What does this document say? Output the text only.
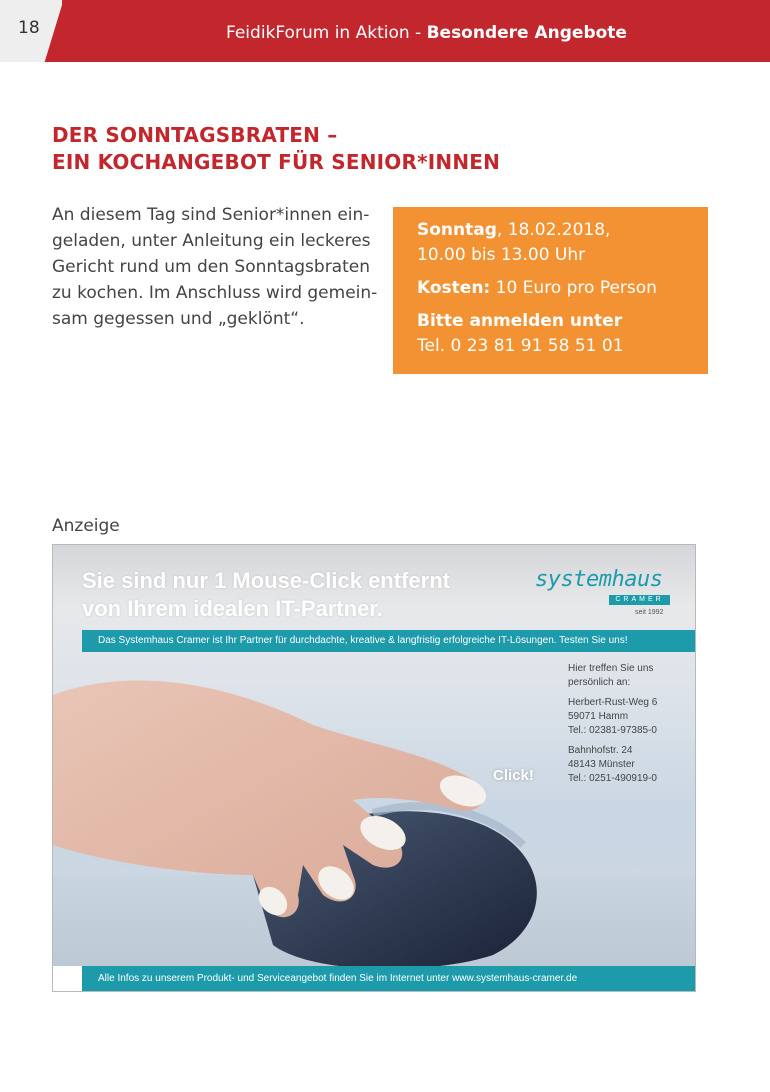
18	FeidikForum in Aktion - Besondere Angebote
DER SONNTAGSBRATEN –
EIN KOCHANGEBOT FÜR SENIOR*INNEN
An diesem Tag sind Senior*innen ein-
geladen, unter Anleitung ein leckeres
Gericht rund um den Sonntagsbraten
zu kochen. Im Anschluss wird gemein-
sam gegessen und „geklönt“.
Sonntag, 18.02.2018,
10.00 bis 13.00 Uhr
Kosten: 10 Euro pro Person
Bitte anmelden unter
Tel. 0 23 81 91 58 51 01
Anzeige
Sie sind nur 1 Mouse-Click entfernt
von Ihrem idealen IT-Partner.
systemhaus
CRAMER
seit 1992
Das Systemhaus Cramer ist Ihr Partner für durchdachte, kreative & langfristig erfolgreiche IT-Lösungen. Testen Sie uns!
Hier treffen Sie uns
persönlich an:
Herbert-Rust-Weg 6
59071 Hamm
Tel.: 02381-97385-0
Bahnhofstr. 24
48143 Münster
Tel.: 0251-490919-0
Click!
Alle Infos zu unserem Produkt- und Serviceangebot finden Sie im Internet unter www.systemhaus-cramer.de
